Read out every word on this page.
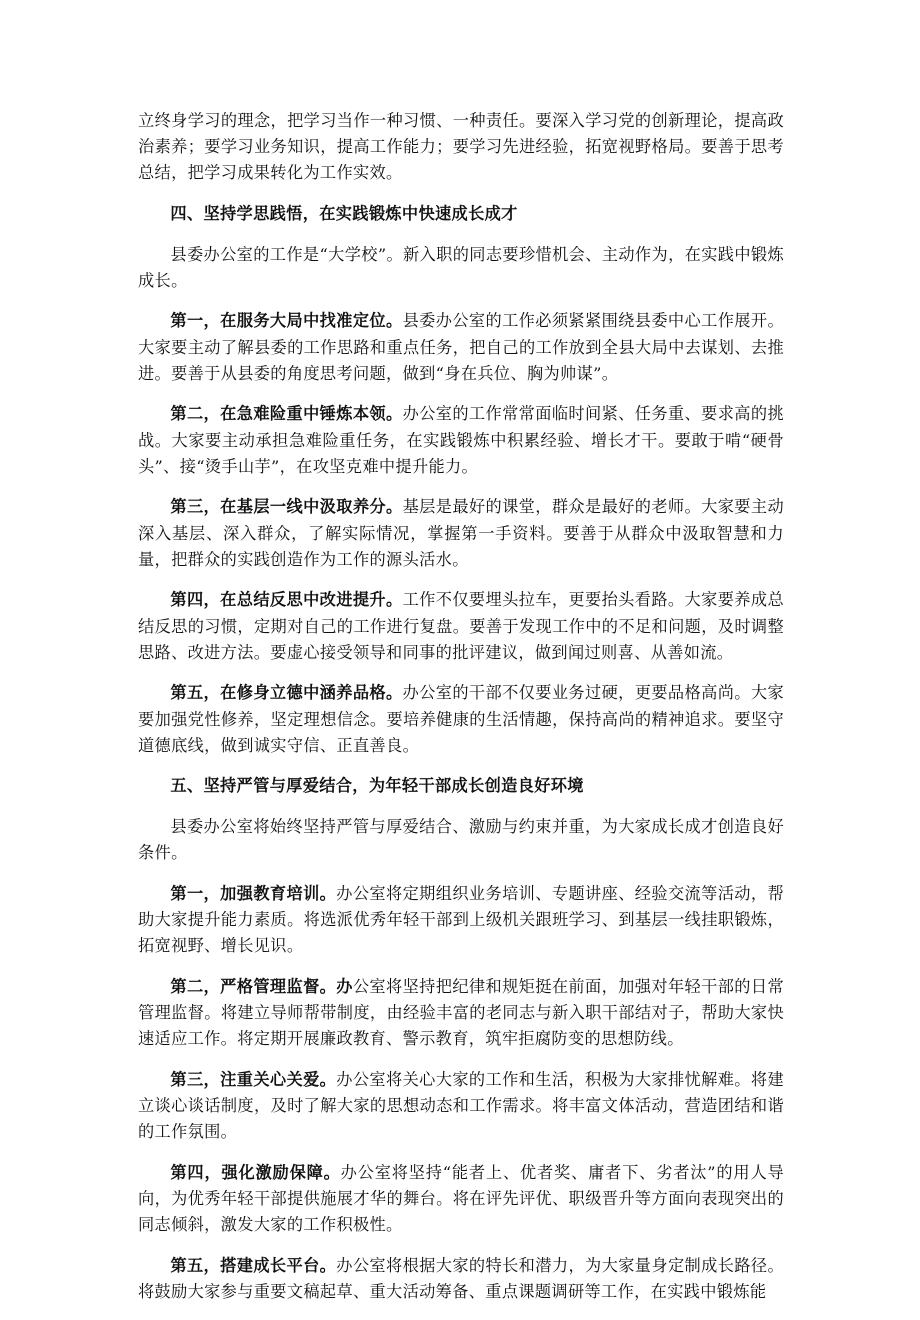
立终身学习的理念，把学习当作一种习惯、一种责任。要深入学习党的创新理论，提高政治素养；要学习业务知识，提高工作能力；要学习先进经验，拓宽视野格局。要善于思考总结，把学习成果转化为工作实效。

四、坚持学思践悟，在实践锻炼中快速成长成才

县委办公室的工作是“大学校”。新入职的同志要珍惜机会、主动作为，在实践中锻炼成长。

第一，在服务大局中找准定位。县委办公室的工作必须紧紧围绕县委中心工作展开。大家要主动了解县委的工作思路和重点任务，把自己的工作放到全县大局中去谋划、去推进。要善于从县委的角度思考问题，做到“身在兵位、胸为帅谋”。

第二，在急难险重中锤炼本领。办公室的工作常常面临时间紧、任务重、要求高的挑战。大家要主动承担急难险重任务，在实践锻炼中积累经验、增长才干。要敢于啃“硬骨头”、接“烫手山芋”，在攻坚克难中提升能力。

第三，在基层一线中汲取养分。基层是最好的课堂，群众是最好的老师。大家要主动深入基层、深入群众，了解实际情况，掌握第一手资料。要善于从群众中汲取智慧和力量，把群众的实践创造作为工作的源头活水。

第四，在总结反思中改进提升。工作不仅要埋头拉车，更要抬头看路。大家要养成总结反思的习惯，定期对自己的工作进行复盘。要善于发现工作中的不足和问题，及时调整思路、改进方法。要虚心接受领导和同事的批评建议，做到闻过则喜、从善如流。

第五，在修身立德中涵养品格。办公室的干部不仅要业务过硬，更要品格高尚。大家要加强党性修养，坚定理想信念。要培养健康的生活情趣，保持高尚的精神追求。要坚守道德底线，做到诚实守信、正直善良。

五、坚持严管与厚爱结合，为年轻干部成长创造良好环境

县委办公室将始终坚持严管与厚爱结合、激励与约束并重，为大家成长成才创造良好条件。

第一，加强教育培训。办公室将定期组织业务培训、专题讲座、经验交流等活动，帮助大家提升能力素质。将选派优秀年轻干部到上级机关跟班学习、到基层一线挂职锻炼，拓宽视野、增长见识。

第二，严格管理监督。办公室将坚持把纪律和规矩挺在前面，加强对年轻干部的日常管理监督。将建立导师帮带制度，由经验丰富的老同志与新入职干部结对子，帮助大家快速适应工作。将定期开展廉政教育、警示教育，筑牢拒腐防变的思想防线。

第三，注重关心关爱。办公室将关心大家的工作和生活，积极为大家排忧解难。将建立谈心谈话制度，及时了解大家的思想动态和工作需求。将丰富文体活动，营造团结和谐的工作氛围。

第四，强化激励保障。办公室将坚持“能者上、优者奖、庸者下、劣者汰”的用人导向，为优秀年轻干部提供施展才华的舞台。将在评先评优、职级晋升等方面向表现突出的同志倾斜，激发大家的工作积极性。

第五，搭建成长平台。办公室将根据大家的特长和潜力，为大家量身定制成长路径。将鼓励大家参与重要文稿起草、重大活动筹备、重点课题调研等工作，在实践中锻炼能
